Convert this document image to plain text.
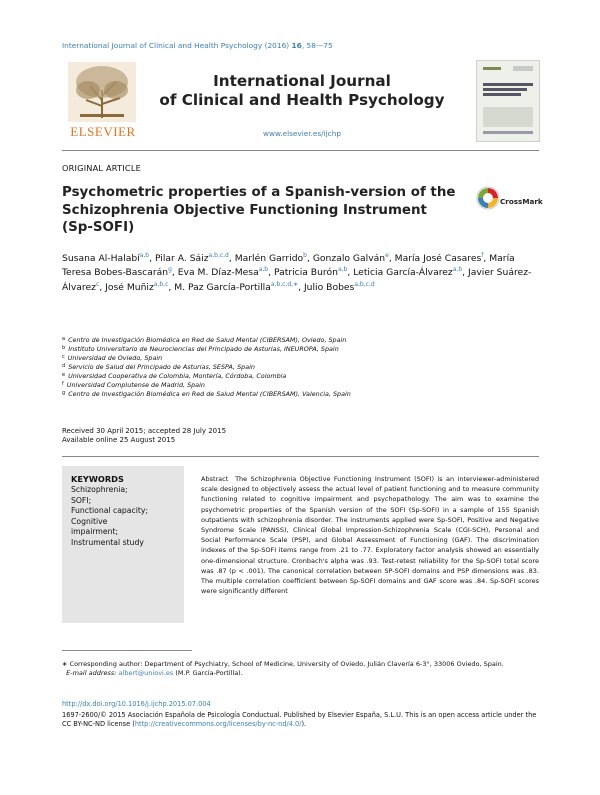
International Journal of Clinical and Health Psychology (2016) 16, 58—75
ELSEVIER
International Journal
of Clinical and Health Psychology
www.elsevier.es/ijchp
ORIGINAL ARTICLE
Psychometric properties of a Spanish-version of the Schizophrenia Objective Functioning Instrument (Sp-SOFI)
CrossMark
Susana Al-Halabí$^{a,b}$, Pilar A. Sáiz$^{a,b,c,d}$, Marlén Garrido$^b$, Gonzalo Galván$^e$, María José Casares$^f$, María Teresa Bobes-Bascarán$^g$, Eva M. Díaz-Mesa$^{a,b}$, Patricia Burón$^{a,b}$, Leticia García-Álvarez$^{a,b}$, Javier Suárez-Álvarez$^c$, José Muñiz$^{a,b,c}$, M. Paz García-Portilla$^{a,b,c,d,∗}$, Julio Bobes$^{a,b,c,d}$
$^a$ Centro de Investigación Biomédica en Red de Salud Mental (CIBERSAM), Oviedo, Spain
$^b$ Instituto Universitario de Neurociencias del Principado de Asturias, INEUROPA, Spain
$^c$ Universidad de Oviedo, Spain
$^d$ Servicio de Salud del Principado de Asturias, SESPA, Spain
$^e$ Universidad Cooperativa de Colombia, Montería, Córdoba, Colombia
$^f$ Universidad Complutense de Madrid, Spain
$^g$ Centro de Investigación Biomédica en Red de Salud Mental (CIBERSAM), Valencia, Spain
Received 30 April 2015; accepted 28 July 2015
Available online 25 August 2015
KEYWORDS
Schizophrenia;
SOFI;
Functional capacity;
Cognitive
impairment;
Instrumental study
Abstract The Schizophrenia Objective Functioning Instrument (SOFI) is an interviewer-administered scale designed to objectively assess the actual level of patient functioning and to measure community functioning related to cognitive impairment and psychopathology. The aim was to examine the psychometric properties of the Spanish version of the SOFI (Sp-SOFI) in a sample of 155 Spanish outpatients with schizophrenia disorder. The instruments applied were Sp-SOFI, Positive and Negative Syndrome Scale (PANSS), Clinical Global Impression-Schizophrenia Scale (CGI-SCH), Personal and Social Performance Scale (PSP), and Global Assessment of Functioning (GAF). The discrimination indexes of the Sp-SOFI items range from .21 to .77. Exploratory factor analysis showed an essentially one-dimensional structure. Cronbach's alpha was .93. Test-retest reliability for the Sp-SOFI total score was .87 (p < .001). The canonical correlation between SP-SOFI domains and PSP dimensions was .83. The multiple correlation coefficient between Sp-SOFI domains and GAF score was .84. Sp-SOFI scores were significantly different
∗ Corresponding author: Department of Psychiatry, School of Medicine, University of Oviedo, Julián Clavería 6-3°, 33006 Oviedo, Spain.
E-mail address: albert@uniovi.es (M.P. García-Portilla).
http://dx.doi.org/10.1016/j.ijchp.2015.07.004
1697-2600/© 2015 Asociación Española de Psicología Conductual. Published by Elsevier España, S.L.U. This is an open access article under the CC BY-NC-ND license (http://creativecommons.org/licenses/by-nc-nd/4.0/).
